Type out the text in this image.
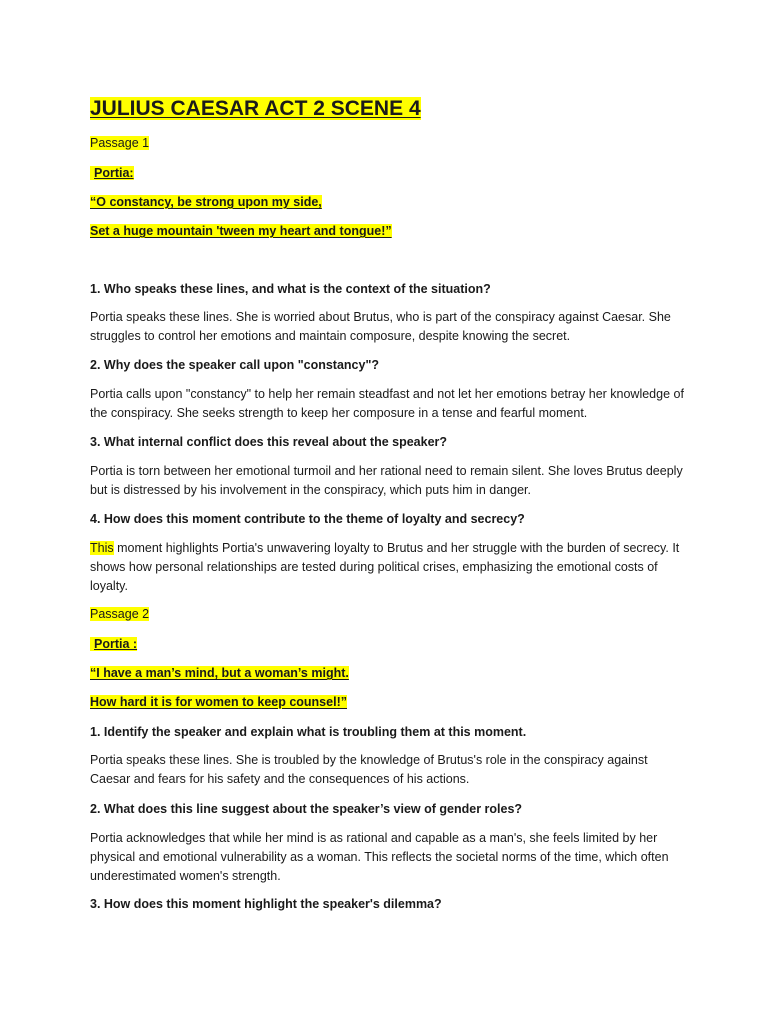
JULIUS CAESAR ACT 2 SCENE 4

Passage 1

Portia:

“O constancy, be strong upon my side,

Set a huge mountain 'tween my heart and tongue!”

1. Who speaks these lines, and what is the context of the situation?

Portia speaks these lines. She is worried about Brutus, who is part of the conspiracy against Caesar. She struggles to control her emotions and maintain composure, despite knowing the secret.

2. Why does the speaker call upon "constancy"?

Portia calls upon "constancy" to help her remain steadfast and not let her emotions betray her knowledge of the conspiracy. She seeks strength to keep her composure in a tense and fearful moment.

3. What internal conflict does this reveal about the speaker?

Portia is torn between her emotional turmoil and her rational need to remain silent. She loves Brutus deeply but is distressed by his involvement in the conspiracy, which puts him in danger.

4. How does this moment contribute to the theme of loyalty and secrecy?

This moment highlights Portia's unwavering loyalty to Brutus and her struggle with the burden of secrecy. It shows how personal relationships are tested during political crises, emphasizing the emotional costs of loyalty.

Passage 2

Portia :

“I have a man’s mind, but a woman’s might.

How hard it is for women to keep counsel!”

1. Identify the speaker and explain what is troubling them at this moment.

Portia speaks these lines. She is troubled by the knowledge of Brutus's role in the conspiracy against Caesar and fears for his safety and the consequences of his actions.

2. What does this line suggest about the speaker’s view of gender roles?

Portia acknowledges that while her mind is as rational and capable as a man's, she feels limited by her physical and emotional vulnerability as a woman. This reflects the societal norms of the time, which often underestimated women's strength.

3. How does this moment highlight the speaker's dilemma?
